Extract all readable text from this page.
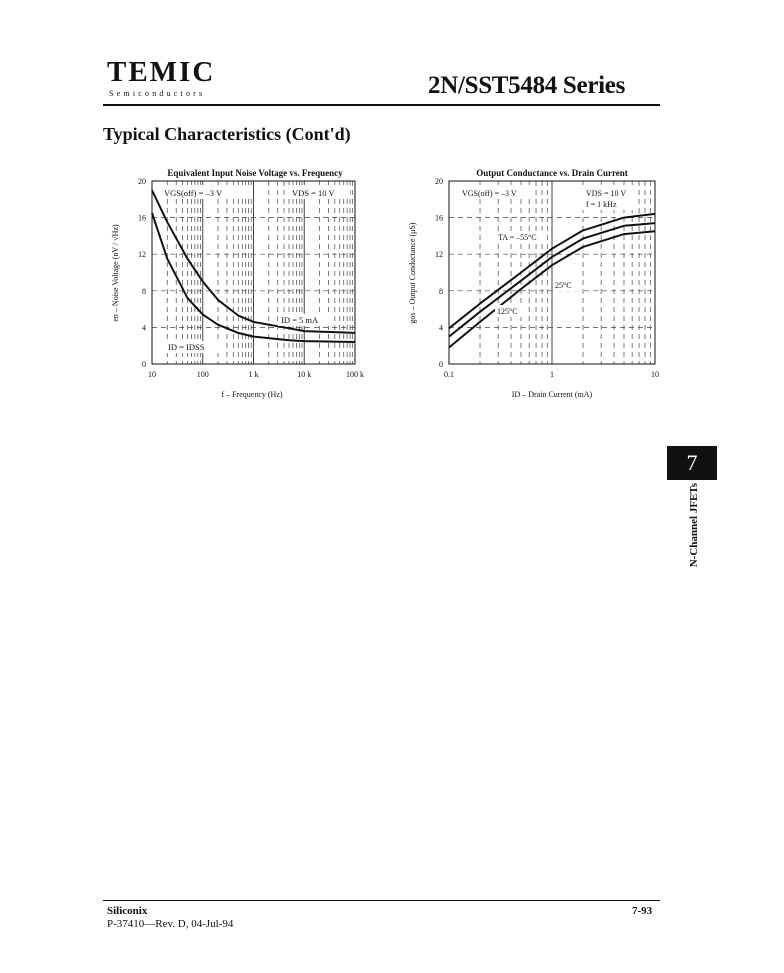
TEMIC
Semiconductors	2N/SST5484 Series
Typical Characteristics (Cont'd)
Equivalent Input Noise Voltage vs. Frequency
0
4
8
12
16
20
10	100	1 k	10 k	100 k
VGS(off) = –3 V	VDS = 10 V
ID = 5 mA
ID = IDSS
f – Frequency (Hz)
en – Noise Voltage (nV / √Hz)
Output Conductance vs. Drain Current
0
4
8
12
16
20
0.1	1	10
VGS(off) = –3 V	VDS = 10 V
f = 1 kHz
TA = –55°C
25°C
125°C
ID – Drain Current (mA)
gos – Output Conductance (μS)
7
N-Channel JFETs
Siliconix
P-37410—Rev. D, 04-Jul-94
7-93
